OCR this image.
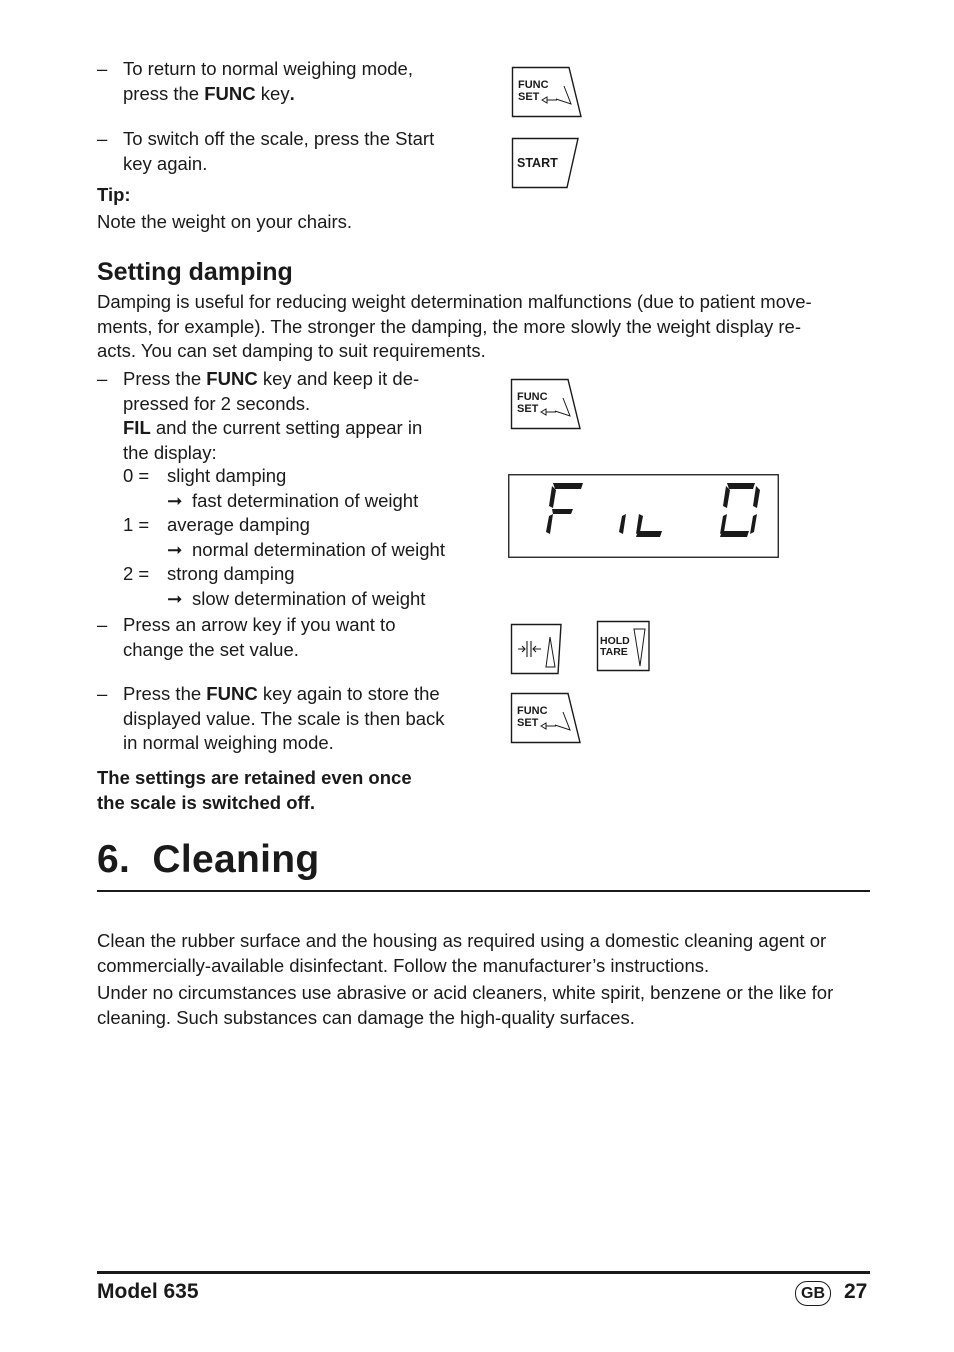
– To return to normal weighing mode,
press the FUNC key.	FUNC
SET
– To switch off the scale, press the Start
key again.	START
Tip:
Note the weight on your chairs.
Setting damping
Damping is useful for reducing weight determination malfunctions (due to patient move-
ments, for example). The stronger the damping, the more slowly the weight display re-
acts. You can set damping to suit requirements.
– Press the FUNC key and keep it de-
pressed for 2 seconds.
FIL and the current setting appear in
the display:
0 = slight damping
➞ fast determination of weight
1 = average damping
➞ normal determination of weight
2 = strong damping
➞ slow determination of weight
FUNC
SET
– Press an arrow key if you want to
change the set value.	HOLD
TARE
– Press the FUNC key again to store the
displayed value. The scale is then back
in normal weighing mode.
FUNC
SET
The settings are retained even once
the scale is switched off.
6.  Cleaning
Clean the rubber surface and the housing as required using a domestic cleaning agent or
commercially-available disinfectant. Follow the manufacturer’s instructions.
Under no circumstances use abrasive or acid cleaners, white spirit, benzene or the like for
cleaning. Such substances can damage the high-quality surfaces.
Model 635	GB 27
